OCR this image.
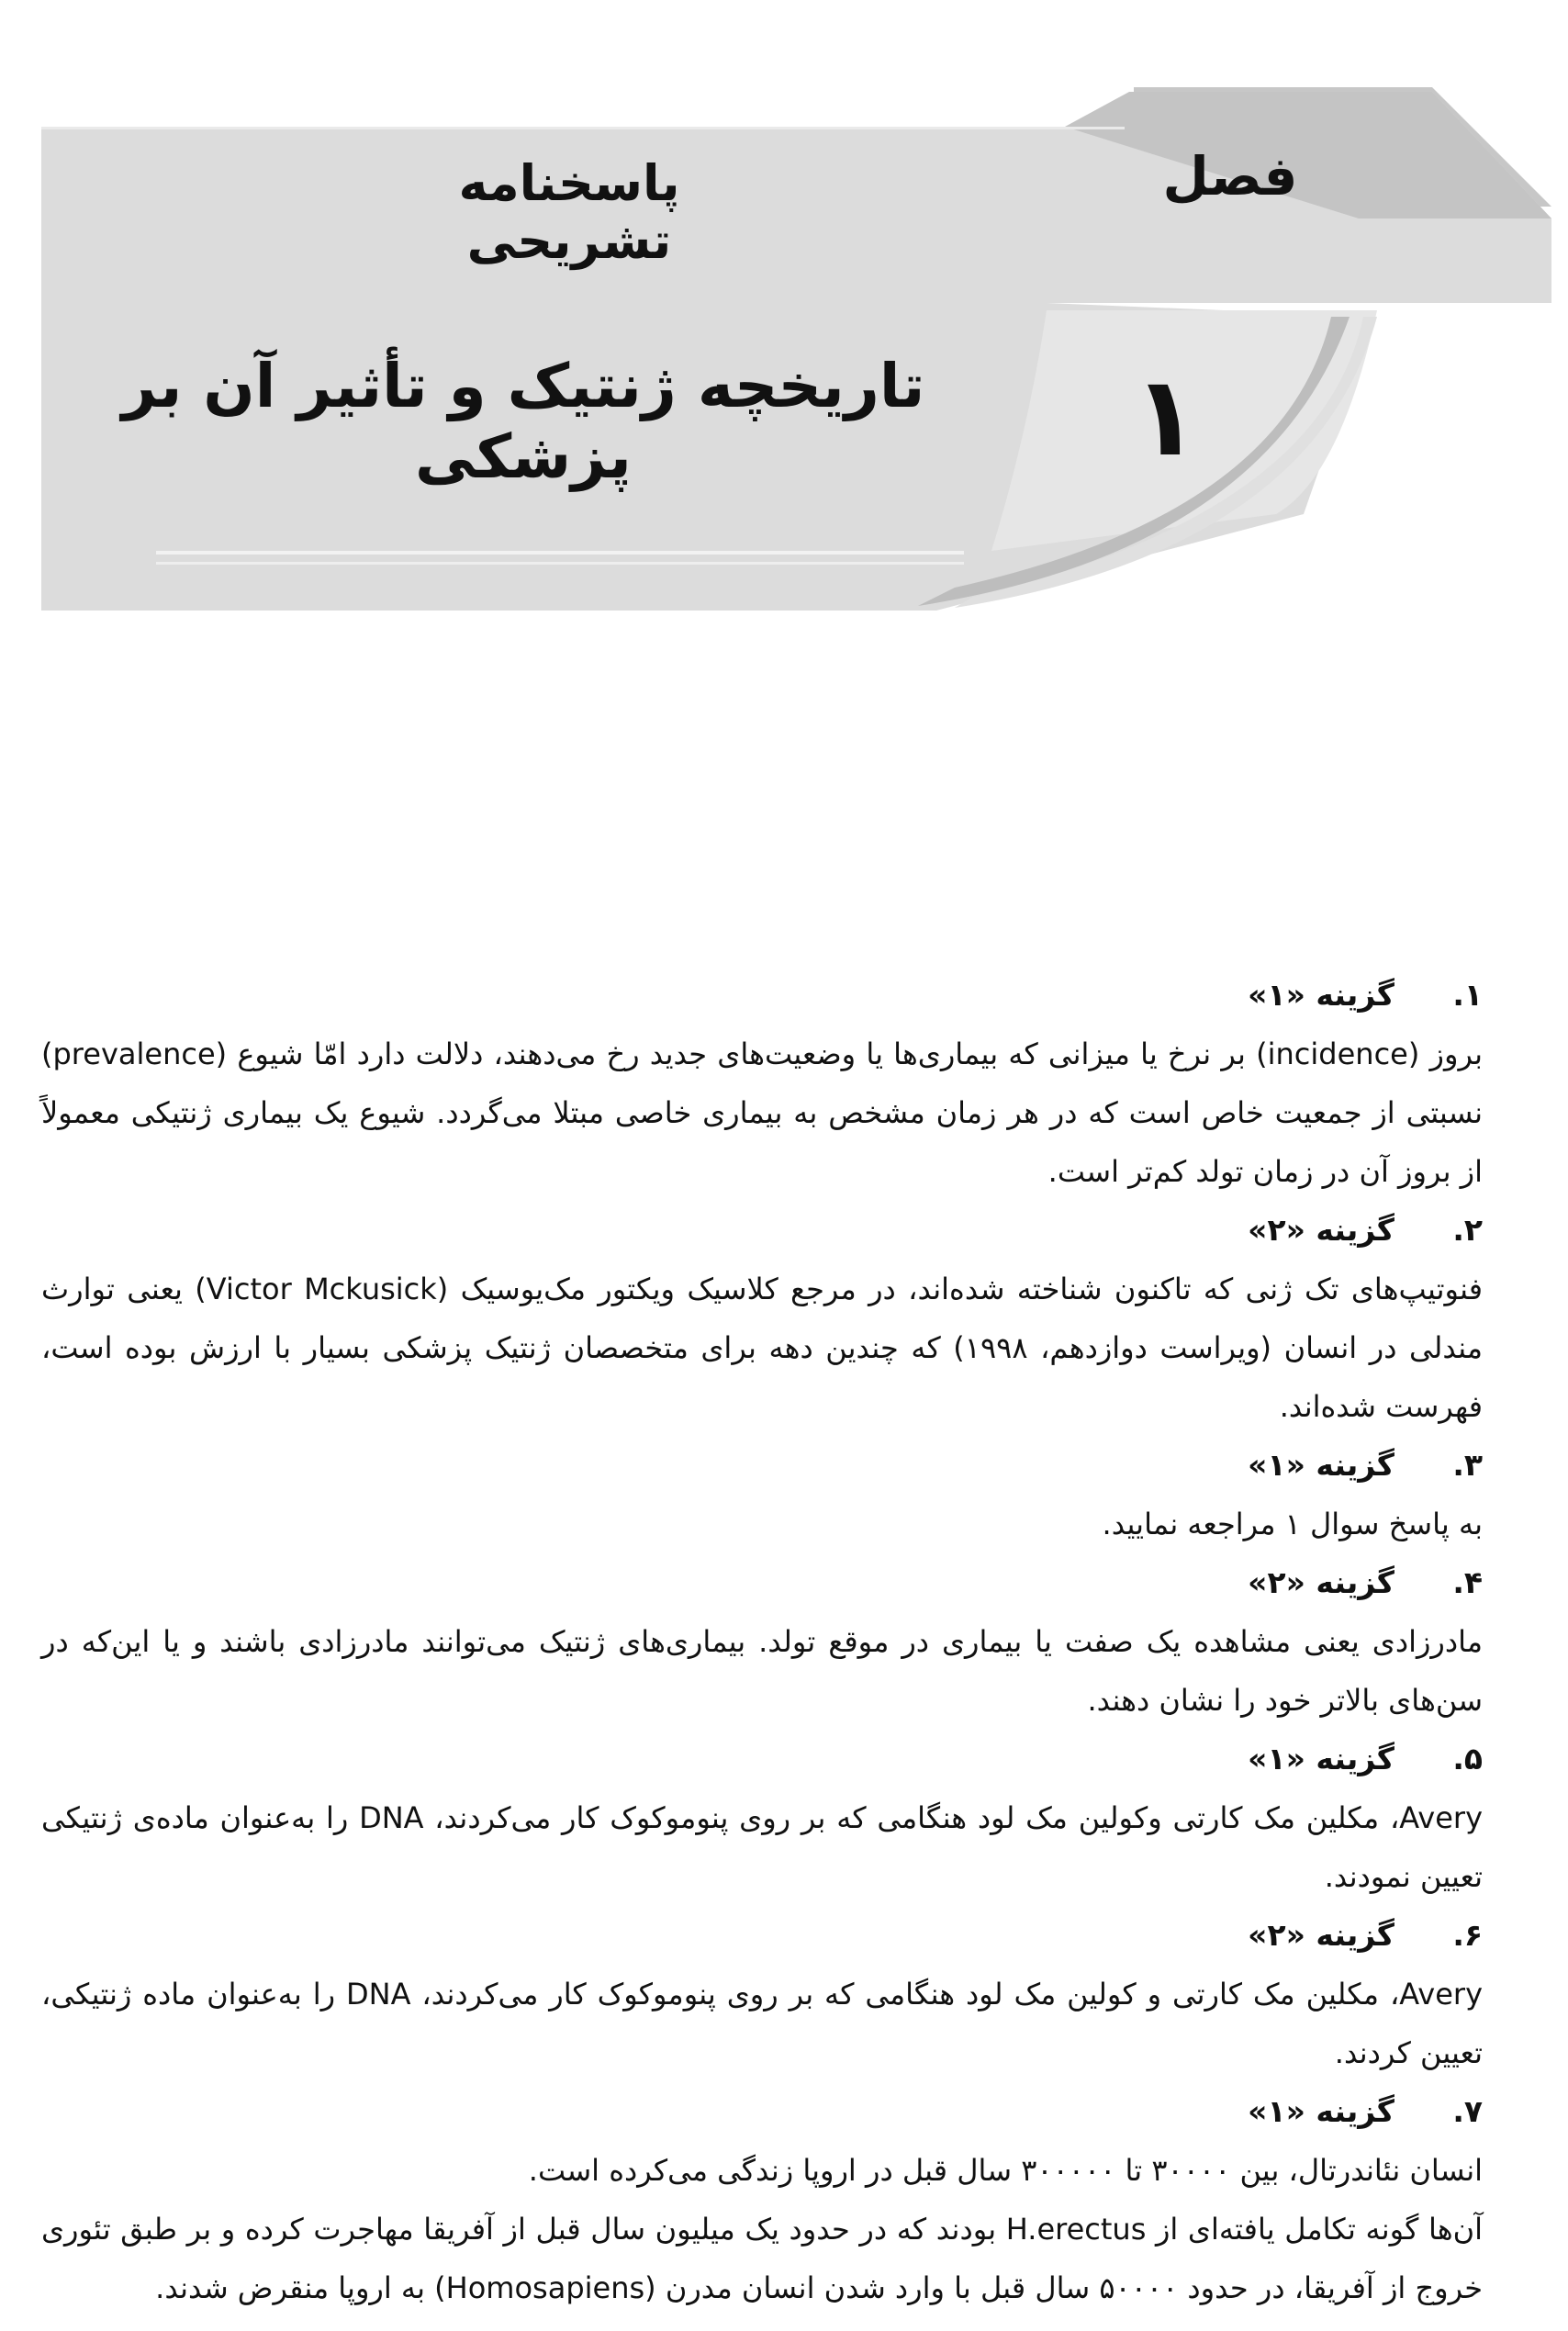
فصل
۱
پاسخنامه تشریحی
تاریخچه ژنتیک و تأثیر آن بر پزشکی
.۱
گزینه «۱»

بروز (incidence) بر نرخ یا میزانی که بیماری‌ها یا وضعیت‌های جدید رخ می‌دهند، دلالت دارد امّا شیوع (prevalence) نسبتی از جمعیت خاص است که در هر زمان مشخص به بیماری خاصی مبتلا می‌گردد. شیوع یک بیماری ژنتیکی معمولاً از بروز آن در زمان تولد کم‌تر است.

.۲
گزینه «۲»

فنوتیپ‌های تک ژنی که تاکنون شناخته شده‌اند، در مرجع کلاسیک ویکتور مک‌یوسیک (Victor Mckusick) یعنی توارث مندلی در انسان (ویراست دوازدهم، ۱۹۹۸) که چندین دهه برای متخصصان ژنتیک پزشکی بسیار با ارزش بوده است، فهرست شده‌اند.

.۳
گزینه «۱»

به پاسخ سوال ۱ مراجعه نمایید.

.۴
گزینه «۲»

مادرزادی یعنی مشاهده یک صفت یا بیماری در موقع تولد. بیماری‌های ژنتیک می‌توانند مادرزادی باشند و یا این‌که در سن‌های بالاتر خود را نشان دهند.

.۵
گزینه «۱»

Avery، مکلین مک کارتی وکولین مک لود هنگامی که بر روی پنوموکوک کار می‌کردند، DNA را به‌عنوان ماده‌ی ژنتیکی تعیین نمودند.

.۶
گزینه «۲»

Avery، مکلین مک کارتی و کولین مک لود هنگامی که بر روی پنوموکوک کار می‌کردند، DNA را به‌عنوان ماده ژنتیکی، تعیین کردند.

.۷
گزینه «۱»

انسان نئاندرتال، بین ۳۰۰۰۰ تا ۳۰۰۰۰۰ سال قبل در اروپا زندگی می‌کرده است.

آن‌ها گونه تکامل یافته‌ای از H.erectus بودند که در حدود یک میلیون سال قبل از آفریقا مهاجرت کرده و بر طبق تئوری خروج از آفریقا، در حدود ۵۰۰۰۰ سال قبل با وارد شدن انسان مدرن (Homosapiens) به اروپا منقرض شدند.
